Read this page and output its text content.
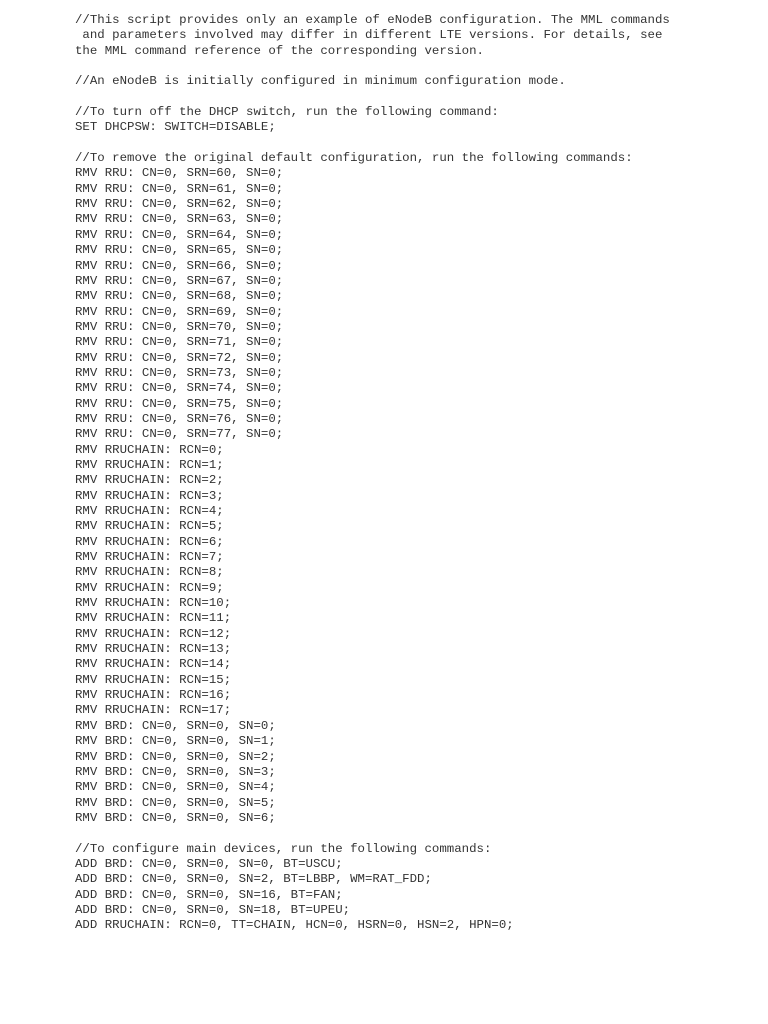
//This script provides only an example of eNodeB configuration. The MML commands
and parameters involved may differ in different LTE versions. For details, see
the MML command reference of the corresponding version.
//An eNodeB is initially configured in minimum configuration mode.
//To turn off the DHCP switch, run the following command:
SET DHCPSW: SWITCH=DISABLE;
//To remove the original default configuration, run the following commands:
RMV RRU: CN=0, SRN=60, SN=0;
RMV RRU: CN=0, SRN=61, SN=0;
RMV RRU: CN=0, SRN=62, SN=0;
RMV RRU: CN=0, SRN=63, SN=0;
RMV RRU: CN=0, SRN=64, SN=0;
RMV RRU: CN=0, SRN=65, SN=0;
RMV RRU: CN=0, SRN=66, SN=0;
RMV RRU: CN=0, SRN=67, SN=0;
RMV RRU: CN=0, SRN=68, SN=0;
RMV RRU: CN=0, SRN=69, SN=0;
RMV RRU: CN=0, SRN=70, SN=0;
RMV RRU: CN=0, SRN=71, SN=0;
RMV RRU: CN=0, SRN=72, SN=0;
RMV RRU: CN=0, SRN=73, SN=0;
RMV RRU: CN=0, SRN=74, SN=0;
RMV RRU: CN=0, SRN=75, SN=0;
RMV RRU: CN=0, SRN=76, SN=0;
RMV RRU: CN=0, SRN=77, SN=0;
RMV RRUCHAIN: RCN=0;
RMV RRUCHAIN: RCN=1;
RMV RRUCHAIN: RCN=2;
RMV RRUCHAIN: RCN=3;
RMV RRUCHAIN: RCN=4;
RMV RRUCHAIN: RCN=5;
RMV RRUCHAIN: RCN=6;
RMV RRUCHAIN: RCN=7;
RMV RRUCHAIN: RCN=8;
RMV RRUCHAIN: RCN=9;
RMV RRUCHAIN: RCN=10;
RMV RRUCHAIN: RCN=11;
RMV RRUCHAIN: RCN=12;
RMV RRUCHAIN: RCN=13;
RMV RRUCHAIN: RCN=14;
RMV RRUCHAIN: RCN=15;
RMV RRUCHAIN: RCN=16;
RMV RRUCHAIN: RCN=17;
RMV BRD: CN=0, SRN=0, SN=0;
RMV BRD: CN=0, SRN=0, SN=1;
RMV BRD: CN=0, SRN=0, SN=2;
RMV BRD: CN=0, SRN=0, SN=3;
RMV BRD: CN=0, SRN=0, SN=4;
RMV BRD: CN=0, SRN=0, SN=5;
RMV BRD: CN=0, SRN=0, SN=6;
//To configure main devices, run the following commands:
ADD BRD: CN=0, SRN=0, SN=0, BT=USCU;
ADD BRD: CN=0, SRN=0, SN=2, BT=LBBP, WM=RAT_FDD;
ADD BRD: CN=0, SRN=0, SN=16, BT=FAN;
ADD BRD: CN=0, SRN=0, SN=18, BT=UPEU;
ADD RRUCHAIN: RCN=0, TT=CHAIN, HCN=0, HSRN=0, HSN=2, HPN=0;
